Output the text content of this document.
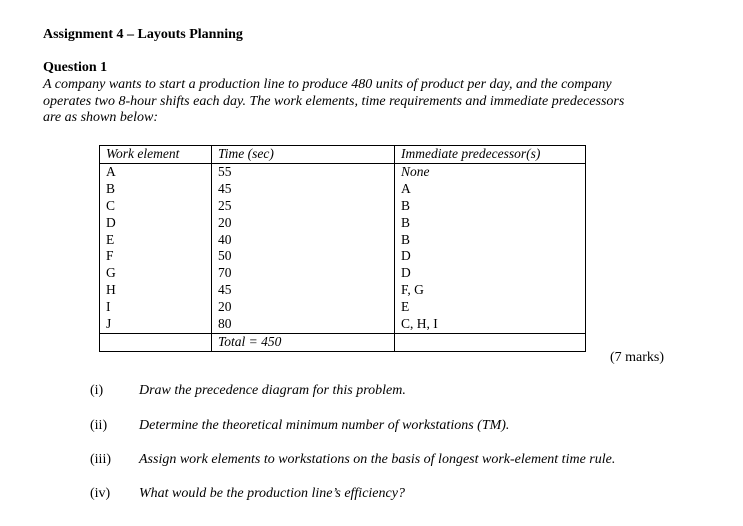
Assignment 4 – Layouts Planning
Question 1
A company wants to start a production line to produce 480 units of product per day, and the company
operates two 8-hour shifts each day. The work elements, time requirements and immediate predecessors
are as shown below:
Work element	Time (sec)	Immediate predecessor(s)
A	55	None
B	45	A
C	25	B
D	20	B
E	40	B
F	50	D
G	70	D
H	45	F, G
I	20	E
J	80	C, H, I
	Total = 450	
(7 marks)
(i)	Draw the precedence diagram for this problem.
(ii) Determine the theoretical minimum number of workstations (TM).
(iii) Assign work elements to workstations on the basis of longest work-element time rule.
(iv) What would be the production line’s efficiency?
